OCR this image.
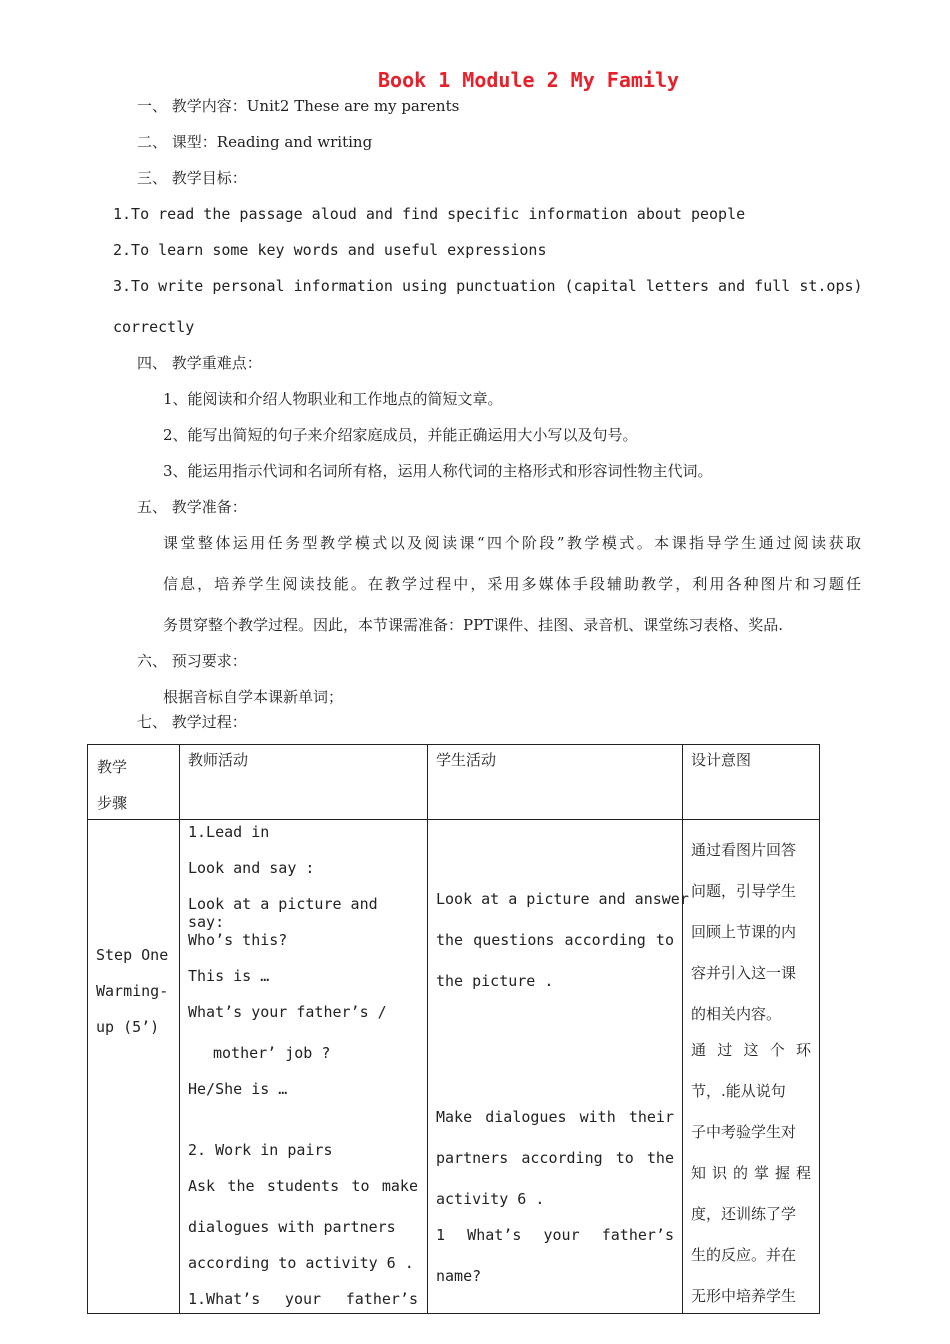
Book 1 Module 2 My Family
一、 教学内容：Unit2 These are my parents
二、 课型：Reading and writing
三、 教学目标：
1.To read the passage aloud and find specific information about people
2.To learn some key words and useful expressions
3.To write personal information using punctuation (capital letters and full st.ops)
correctly
四、 教学重难点：
1、能阅读和介绍人物职业和工作地点的简短文章。
2、能写出简短的句子来介绍家庭成员，并能正确运用大小写以及句号。
3、能运用指示代词和名词所有格，运用人称代词的主格形式和形容词性物主代词。
五、 教学准备：
课堂整体运用任务型教学模式以及阅读课“四个阶段”教学模式。本课指导学生通过阅读获取
信息，培养学生阅读技能。在教学过程中，采用多媒体手段辅助教学，利用各种图片和习题任
务贯穿整个教学过程。因此，本节课需准备：PPT课件、挂图、录音机、课堂练习表格、奖品.
六、 预习要求：
根据音标自学本课新单词；
七、 教学过程：
教学
步骤
教师活动	学生活动	设计意图
Step One
Warming-
up (5’)
1.Lead in
Look and say :
Look at a picture and say:
Who’s this?
This is …
What’s your father’s /
mother’ job ?
He/She is …
2. Work in pairs
Ask the students to make
dialogues with partners
according to activity 6 .
1.What’s your father’s
Look at a picture and answer
the questions according to
the picture .
Make dialogues with their
partners according to the
activity 6 .
1 What’s your father’s
name?
通过看图片回答
问题，引导学生
回顾上节课的内
容并引入这一课
的相关内容。
通 过 这 个 环
节，.能从说句
子中考验学生对
知 识 的 掌 握 程
度，还训练了学
生的反应。并在
无形中培养学生
